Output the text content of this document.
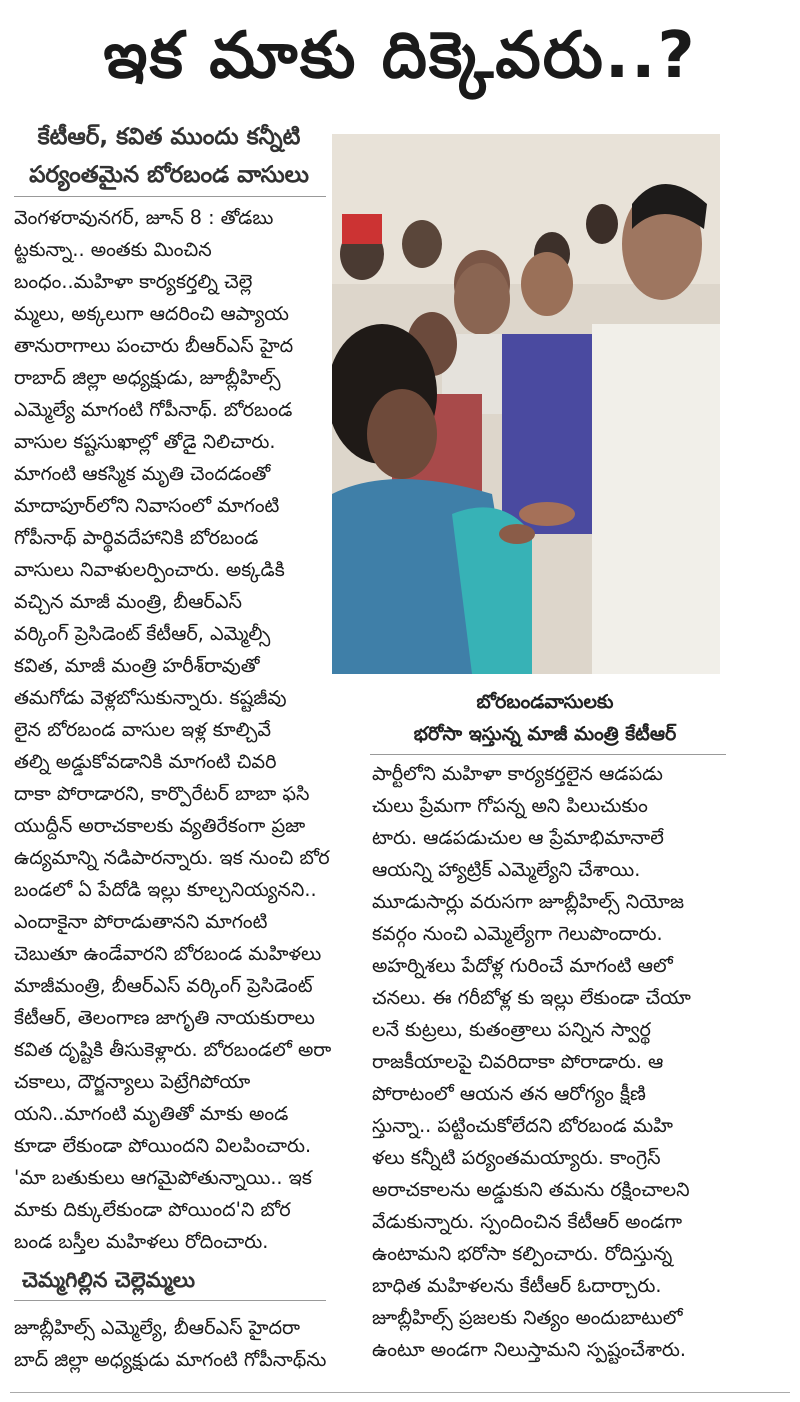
ఇక మాకు దిక్కెవరు..?
కేటీఆర్, కవిత ముందు కన్నీటి
పర్యంతమైన బోరబండ వాసులు
వెంగళరావునగర్, జూన్ 8 : తోడబు
ట్టకున్నా.. అంతకు మించిన
బంధం..మహిళా కార్యకర్తల్ని చెల్లె
మ్మలు, అక్కలుగా ఆదరించి ఆప్యాయ
తానురాగాలు పంచారు బీఆర్ఎస్ హైద
రాబాద్ జిల్లా అధ్యక్షుడు, జూబ్లీహిల్స్
ఎమ్మెల్యే మాగంటి గోపీనాథ్. బోరబండ
వాసుల కష్టసుఖాల్లో తోడై నిలిచారు.
మాగంటి ఆకస్మిక మృతి చెందడంతో
మాదాపూర్‌లోని నివాసంలో మాగంటి
గోపీనాథ్ పార్థివదేహానికి బోరబండ
వాసులు నివాళులర్పించారు. అక్కడికి
వచ్చిన మాజీ మంత్రి, బీఆర్ఎస్
వర్కింగ్ ప్రెసిడెంట్ కేటీఆర్, ఎమ్మెల్సీ
కవిత, మాజీ మంత్రి హరీశ్‌రావుతో
తమగోడు వెళ్లబోసుకున్నారు. కష్టజీవు
లైన బోరబండ వాసుల ఇళ్ల కూల్చివే
తల్ని అడ్డుకోవడానికి మాగంటి చివరి
దాకా పోరాడారని, కార్పొరేటర్ బాబా ఫసి
యుద్దీన్ అరాచకాలకు వ్యతిరేకంగా ప్రజా
ఉద్యమాన్ని నడిపారన్నారు. ఇక నుంచి బోర
బండలో ఏ పేదోడి ఇల్లు కూల్చనియ్యనని..
ఎందాకైనా పోరాడుతానని మాగంటి
చెబుతూ ఉండేవారని బోరబండ మహిళలు
మాజీమంత్రి, బీఆర్ఎస్ వర్కింగ్ ప్రెసిడెంట్
కేటీఆర్, తెలంగాణ జాగృతి నాయకురాలు
కవిత దృష్టికి తీసుకెళ్లారు. బోరబండలో అరా
చకాలు, దౌర్జన్యాలు పెట్రేగిపోయా
యని..మాగంటి మృతితో మాకు అండ
కూడా లేకుండా పోయిందని విలపించారు.
'మా బతుకులు ఆగమైపోతున్నాయి.. ఇక
మాకు దిక్కులేకుండా పోయింద'ని బోర
బండ బస్తీల మహిళలు రోదించారు.
చెమ్మగిల్లిన చెల్లెమ్మలు
జూబ్లీహిల్స్ ఎమ్మెల్యే, బీఆర్ఎస్ హైదరా
బాద్ జిల్లా అధ్యక్షుడు మాగంటి గోపీనాథ్‌ను
బోరబండవాసులకు
భరోసా ఇస్తున్న మాజీ మంత్రి కేటీఆర్
పార్టీలోని మహిళా కార్యకర్తలైన ఆడపడు
చులు ప్రేమగా గోపన్న అని పిలుచుకుం
టారు. ఆడపడుచుల ఆ ప్రేమాభిమానాలే
ఆయన్ని హ్యాట్రిక్ ఎమ్మెల్యేని చేశాయి.
మూడుసార్లు వరుసగా జూబ్లీహిల్స్ నియోజ
కవర్గం నుంచి ఎమ్మెల్యేగా గెలుపొందారు.
అహర్నిశలు పేదోళ్ల గురించే మాగంటి ఆలో
చనలు. ఈ గరీబోళ్ల కు ఇల్లు లేకుండా చేయా
లనే కుట్రలు, కుతంత్రాలు పన్నిన స్వార్థ
రాజకీయాలపై చివరిదాకా పోరాడారు. ఆ
పోరాటంలో ఆయన తన ఆరోగ్యం క్షీణి
స్తున్నా.. పట్టించుకోలేదని బోరబండ మహి
ళలు కన్నీటి పర్యంతమయ్యారు. కాంగ్రెస్
అరాచకాలను అడ్డుకుని తమను రక్షించాలని
వేడుకున్నారు. స్పందించిన కేటీఆర్ అండగా
ఉంటామని భరోసా కల్పించారు. రోదిస్తున్న
బాధిత మహిళలను కేటీఆర్ ఓదార్చారు.
జూబ్లీహిల్స్ ప్రజలకు నిత్యం అందుబాటులో
ఉంటూ అండగా నిలుస్తామని స్పష్టంచేశారు.
